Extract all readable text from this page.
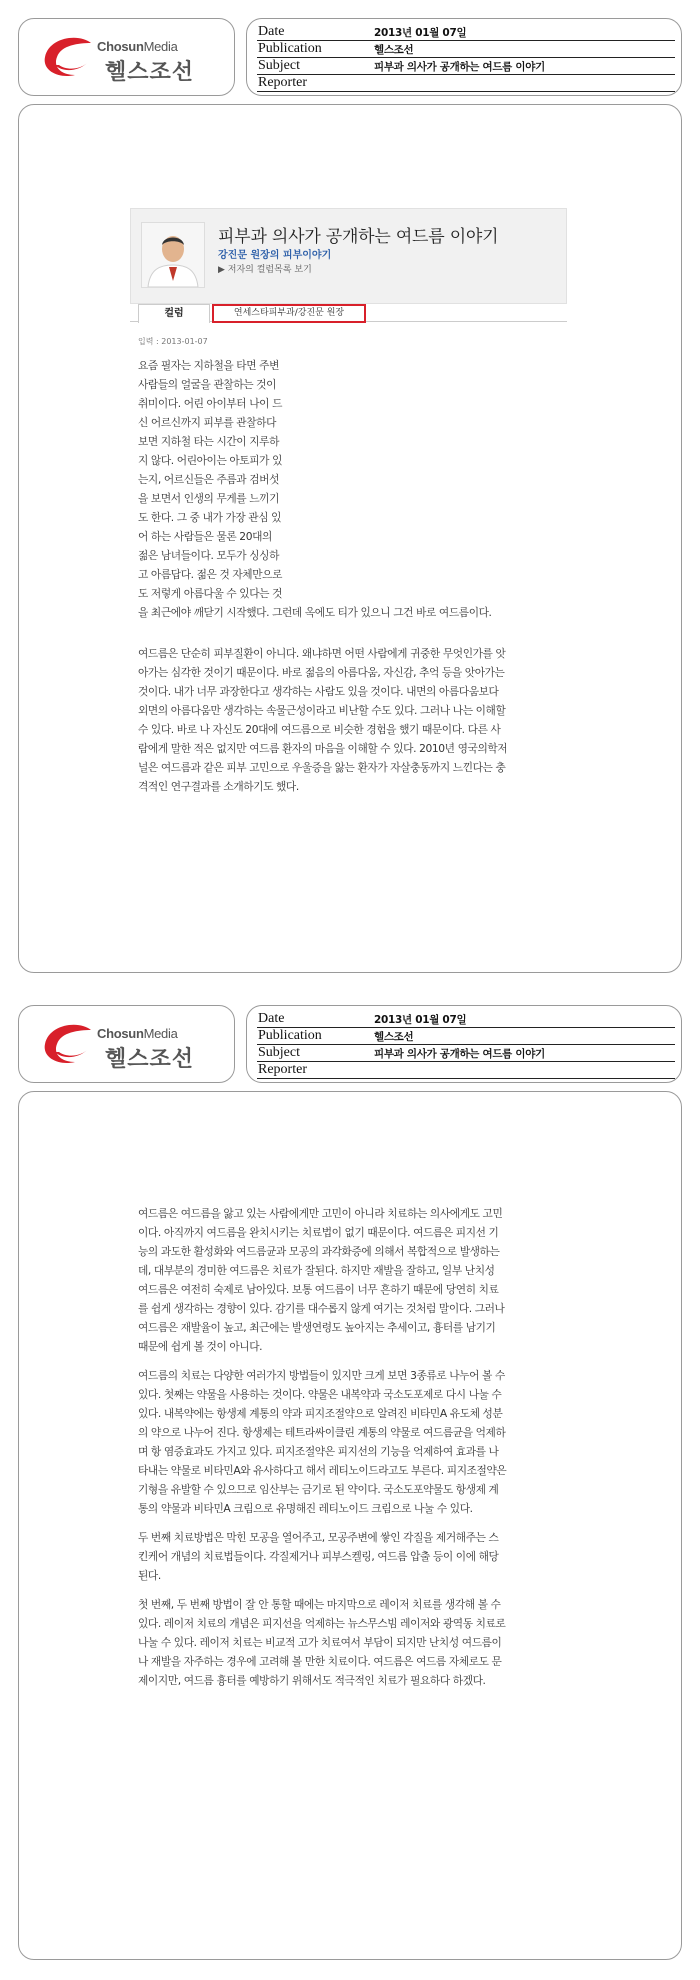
ChosunMedia
헬스조선
Date	2013년 01월 07일
Publication	헬스조선
Subject	피부과 의사가 공개하는 여드름 이야기
Reporter	
피부과 의사가 공개하는 여드름 이야기
강진문 원장의 피부이야기
▶ 저자의 컬럼목록 보기
컬럼	연세스타피부과/강진문 원장
입력 : 2013-01-07

요즘 필자는 지하철을 타면 주변

사람들의 얼굴을 관찰하는 것이

취미이다. 어린 아이부터 나이 드

신 어르신까지 피부를 관찰하다

보면 지하철 타는 시간이 지루하

지 않다. 어린아이는 아토피가 있

는지, 어르신들은 주름과 검버섯

을 보면서 인생의 무게를 느끼기

도 한다. 그 중 내가 가장 관심 있

어 하는 사람들은 물론 20대의

젊은 남녀들이다. 모두가 싱싱하

고 아름답다. 젊은 것 자체만으로

도 저렇게 아름다울 수 있다는 것

을 최근에야 깨닫기 시작했다. 그런데 옥에도 티가 있으니 그건 바로 여드름이다.

여드름은 단순히 피부질환이 아니다. 왜냐하면 어떤 사람에게 귀중한 무엇인가를 앗

아가는 심각한 것이기 때문이다. 바로 젊음의 아름다움, 자신감, 추억 등을 앗아가는

것이다. 내가 너무 과장한다고 생각하는 사람도 있을 것이다. 내면의 아름다움보다

외면의 아름다움만 생각하는 속물근성이라고 비난할 수도 있다. 그러나 나는 이해할

수 있다. 바로 나 자신도 20대에 여드름으로 비슷한 경험을 했기 때문이다. 다른 사

람에게 말한 적은 없지만 여드름 환자의 마음을 이해할 수 있다. 2010년 영국의학저

널은 여드름과 같은 피부 고민으로 우울증을 앓는 환자가 자살충동까지 느낀다는 충

격적인 연구결과를 소개하기도 했다.

ChosunMedia
헬스조선
Date	2013년 01월 07일
Publication	헬스조선
Subject	피부과 의사가 공개하는 여드름 이야기
Reporter	

여드름은 여드름을 앓고 있는 사람에게만 고민이 아니라 치료하는 의사에게도 고민

이다. 아직까지 여드름을 완치시키는 치료법이 없기 때문이다. 여드름은 피지선 기

능의 과도한 활성화와 여드름균과 모공의 과각화증에 의해서 복합적으로 발생하는

데, 대부분의 경미한 여드름은 치료가 잘된다. 하지만 재발을 잘하고, 일부 난치성

여드름은 여전히 숙제로 남아있다. 보통 여드름이 너무 흔하기 때문에 당연히 치료

를 쉽게 생각하는 경향이 있다. 감기를 대수롭지 않게 여기는 것처럼 말이다. 그러나

여드름은 재발율이 높고, 최근에는 발생연령도 높아지는 추세이고, 흉터를 남기기

때문에 쉽게 볼 것이 아니다.

여드름의 치료는 다양한 여러가지 방법들이 있지만 크게 보면 3종류로 나누어 볼 수

있다. 첫째는 약물을 사용하는 것이다. 약물은 내복약과 국소도포제로 다시 나눌 수

있다. 내복약에는 항생제 계통의 약과 피지조절약으로 알려진 비타민A 유도체 성분

의 약으로 나누어 진다. 항생제는 테트라싸이클린 계통의 약물로 여드름균을 억제하

며 항 염증효과도 가지고 있다. 피지조절약은 피지선의 기능을 억제하여 효과를 나

타내는 약물로 비타민A와 유사하다고 해서 레티노이드라고도 부른다. 피지조절약은

기형을 유발할 수 있으므로 임산부는 금기로 된 약이다. 국소도포약물도 항생제 계

통의 약물과 비타민A 크림으로 유명해진 레티노이드 크림으로 나눌 수 있다.

두 번째 치료방법은 막힌 모공을 열어주고, 모공주변에 쌓인 각질을 제거해주는 스

킨케어 개념의 치료법들이다. 각질제거나 피부스켈링, 여드름 압출 등이 이에 해당

된다.

첫 번째, 두 번째 방법이 잘 안 통할 때에는 마지막으로 레이저 치료를 생각해 볼 수

있다. 레이저 치료의 개념은 피지선을 억제하는 뉴스무스빔 레이저와 광역동 치료로

나눌 수 있다. 레이저 치료는 비교적 고가 치료여서 부담이 되지만 난치성 여드름이

나 재발을 자주하는 경우에 고려해 볼 만한 치료이다. 여드름은 여드름 자체로도 문

제이지만, 여드름 흉터를 예방하기 위해서도 적극적인 치료가 필요하다 하겠다.
